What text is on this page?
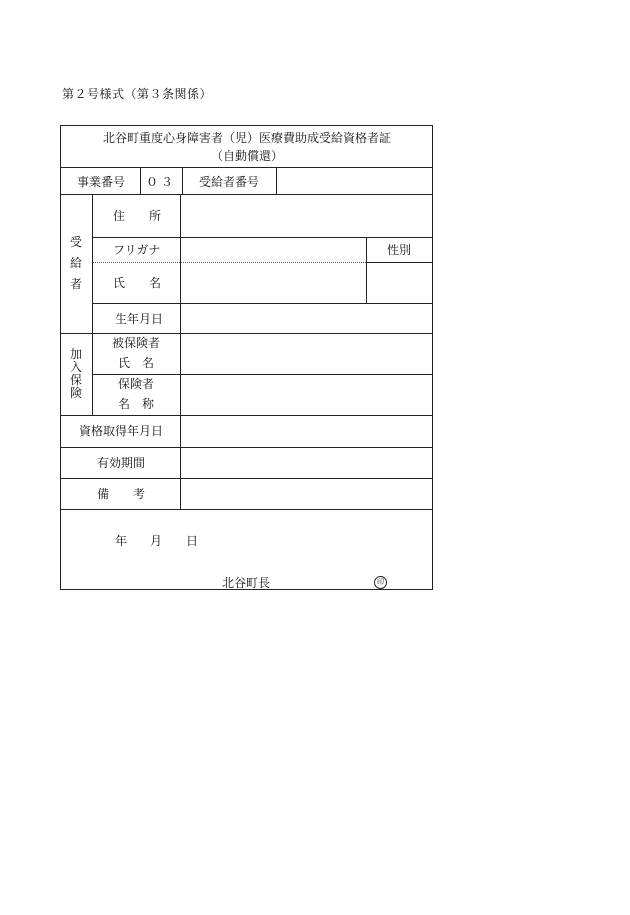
第２号様式（第３条関係）
北谷町重度心身障害者（児）医療費助成受給資格者証
（自動償還）
事業番号 ０３ 受給者番号
受給者
住　　所
フリガナ	性別
氏　　名
生年月日
加入保険
被保険者
氏　名
保険者
名　称
資格取得年月日
有効期間
備　　考
年 月 日
北谷町長	印
